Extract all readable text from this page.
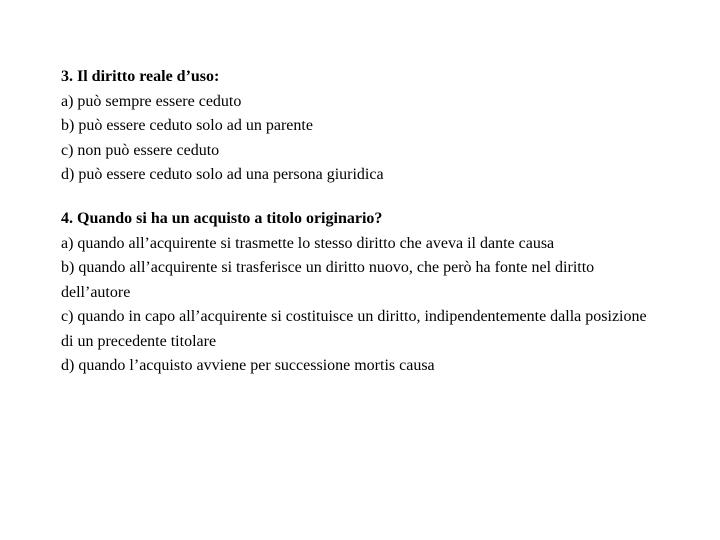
3. Il diritto reale d’uso:

a) può sempre essere ceduto

b) può essere ceduto solo ad un parente

c) non può essere ceduto

d) può essere ceduto solo ad una persona giuridica

4. Quando si ha un acquisto a titolo originario?

a) quando all’acquirente si trasmette lo stesso diritto che aveva il dante causa

b) quando all’acquirente si trasferisce un diritto nuovo, che però ha fonte nel diritto dell’autore

c) quando in capo all’acquirente si costituisce un diritto, indipendentemente dalla posizione di un precedente titolare

d) quando l’acquisto avviene per successione mortis causa
